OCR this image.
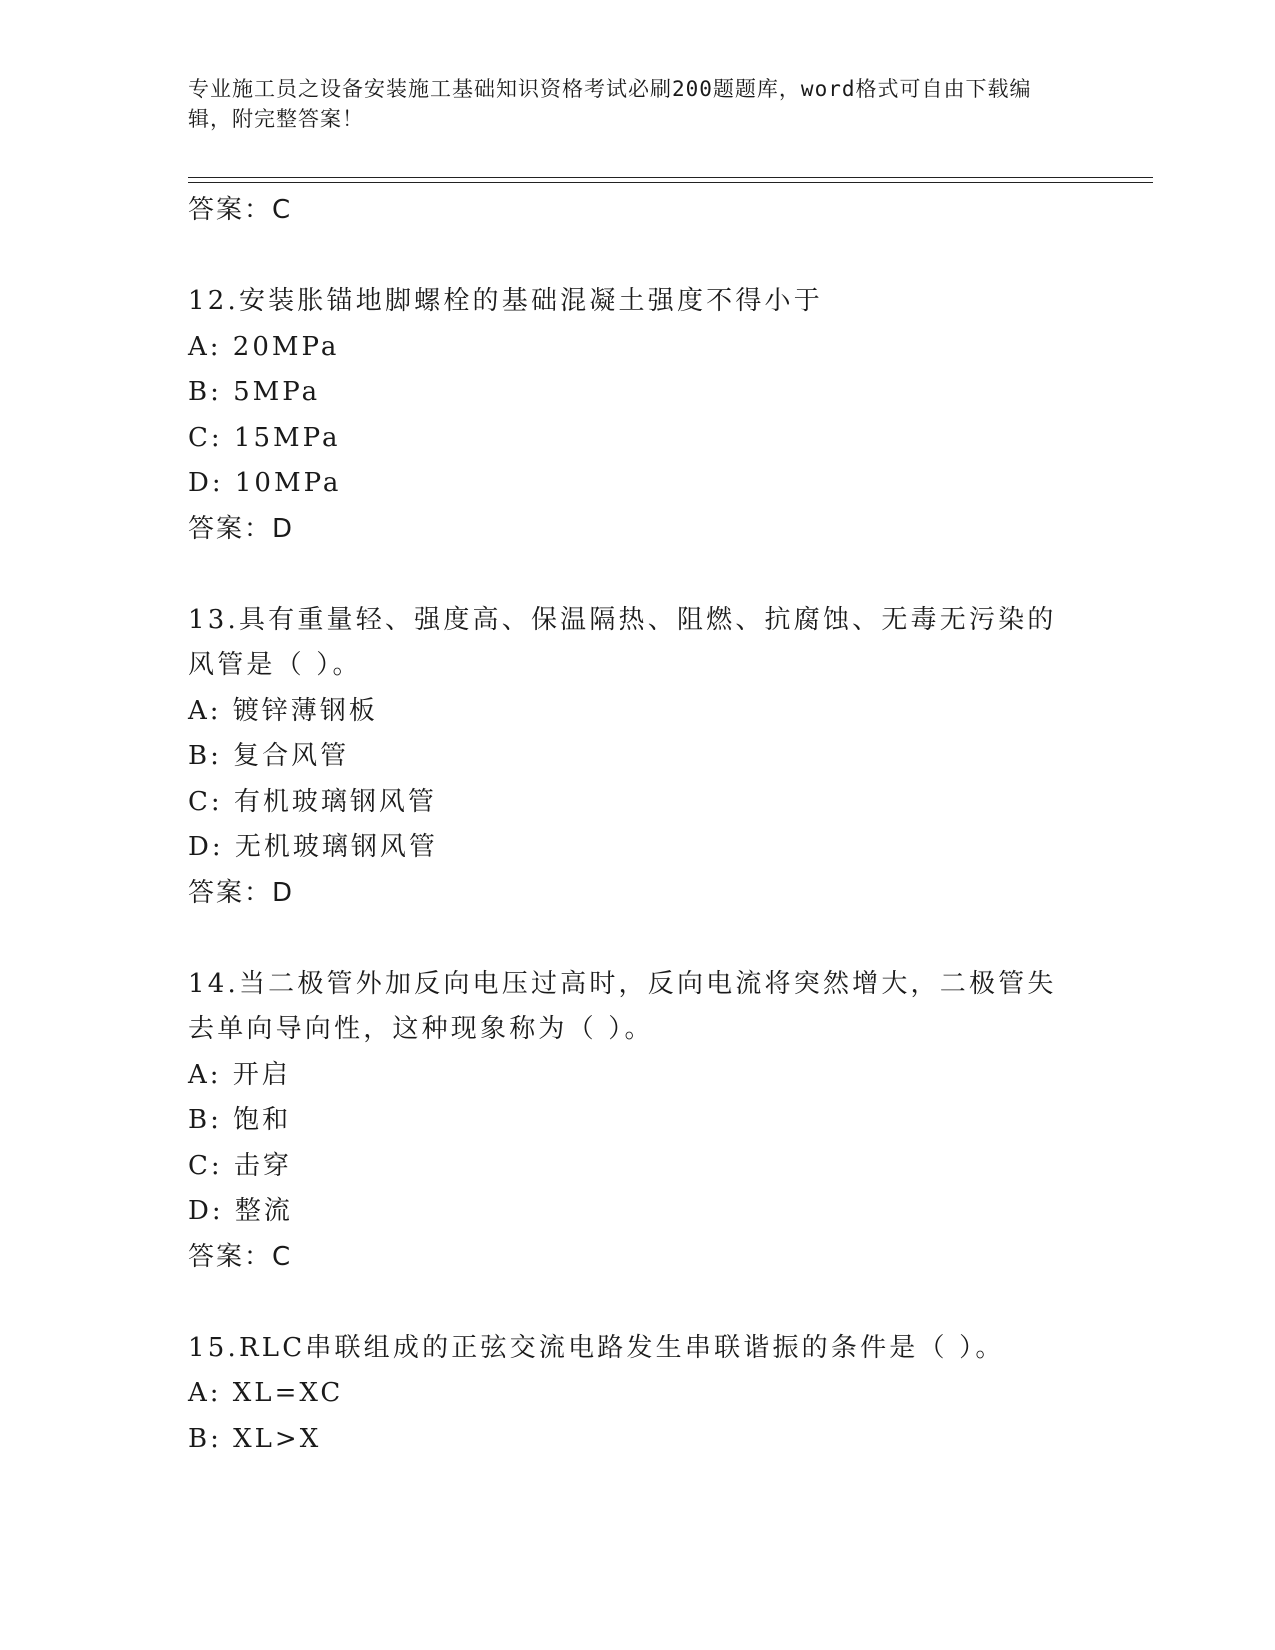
专业施工员之设备安装施工基础知识资格考试必刷200题题库，word格式可自由下载编辑，附完整答案！
答案：C
12.安装胀锚地脚螺栓的基础混凝土强度不得小于
A: 20MPa
B: 5MPa
C: 15MPa
D: 10MPa
答案：D
13.具有重量轻、强度高、保温隔热、阻燃、抗腐蚀、无毒无污染的风管是（ ）。
A: 镀锌薄钢板
B: 复合风管
C: 有机玻璃钢风管
D: 无机玻璃钢风管
答案：D
14.当二极管外加反向电压过高时，反向电流将突然增大，二极管失去单向导向性，这种现象称为（ ）。
A: 开启
B: 饱和
C: 击穿
D: 整流
答案：C
15.RLC串联组成的正弦交流电路发生串联谐振的条件是（ ）。
A: XL=XC
B: XL>X
